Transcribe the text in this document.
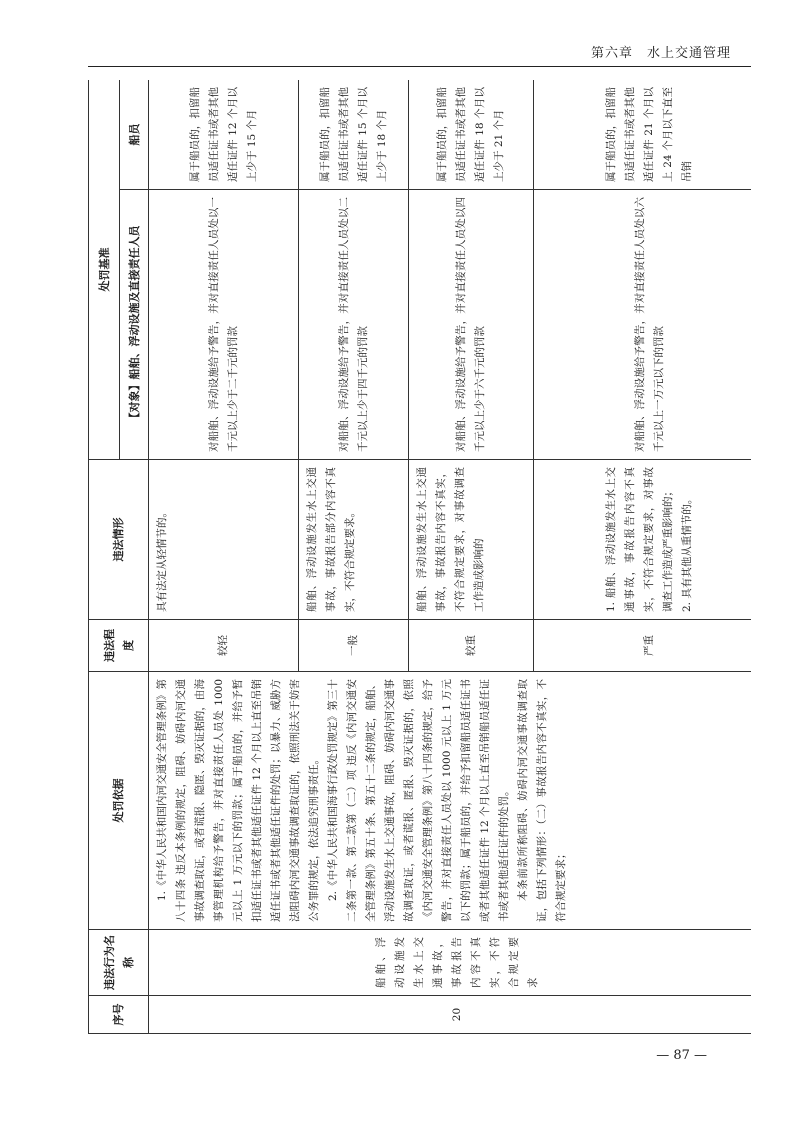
第六章 水上交通管理
序号	违法行为名称	处罚依据	违法程度	违法情形	处罚基准	
					【对象】船舶、浮动设施及直接责任人员	船员
20	船舶、浮动设施发生水上交通事故，事故报告内容不真实，不符合规定要求	1.《中华人民共和国内河交通安全管理条例》第八十四条 违反本条例的规定，阻碍、妨碍内河交通事故调查取证，或者谎报、隐匿、毁灭证据的，由海事管理机构给予警告，并对直接责任人员处 1000 元以上 1 万元以下的罚款；属于船员的，并给予暂扣适任证书或者其他适任证件 12 个月以上直至吊销适任证书或者其他适任证件的处罚；以暴力、威胁方法阻碍内河交通事故调查取证的，依照刑法关于妨害公务罪的规定，依法追究刑事责任。 2.《中华人民共和国海事行政处罚规定》第三十二条第一款、第二款第（二）项 违反《内河交通安全管理条例》第五十条、第五十二条的规定，船舶、浮动设施发生水上交通事故，阻碍、妨碍内河交通事故调查取证，或者谎报、匿报、毁灭证据的，依照《内河交通安全管理条例》第八十四条的规定，给予警告，并对直接责任人员处以 1000 元以上 1 万元以下的罚款；属于船员的，并给予扣留船员适任证书或者其他适任证件 12 个月以上直至吊销船员适任证书或者其他适任证件的处罚。 本条前款所称阻碍、妨碍内河交通事故调查取证，包括下列情形：（二）事故报告内容不真实，不符合规定要求；	较轻	具有法定从轻情节的。	对船舶、浮动设施给予警告，并对直接责任人员处以一千元以上少于二千元的罚款	属于船员的，扣留船员适任证书或者其他适任证件 12 个月以上少于 15 个月
			一般	船舶、浮动设施发生水上交通事故，事故报告部分内容不真实，不符合规定要求。	对船舶、浮动设施给予警告，并对直接责任人员处以二千元以上少于四千元的罚款	属于船员的，扣留船员适任证书或者其他适任证件 15 个月以上少于 18 个月
			较重	船舶、浮动设施发生水上交通事故，事故报告内容不真实，不符合规定要求，对事故调查工作造成影响的	对船舶、浮动设施给予警告，并对直接责任人员处以四千元以上少于六千元的罚款	属于船员的，扣留船员适任证书或者其他适任证件 18 个月以上少于 21 个月
			严重	1. 船舶、浮动设施发生水上交通事故，事故报告内容不真实，不符合规定要求，对事故调查工作造成严重影响的； 2. 具有其他从重情节的。	对船舶、浮动设施给予警告，并对直接责任人员处以六千元以上一万元以下的罚款	属于船员的，扣留船员适任证书或者其他适任证件 21 个月以上 24 个月以下直至吊销
— 87 —
